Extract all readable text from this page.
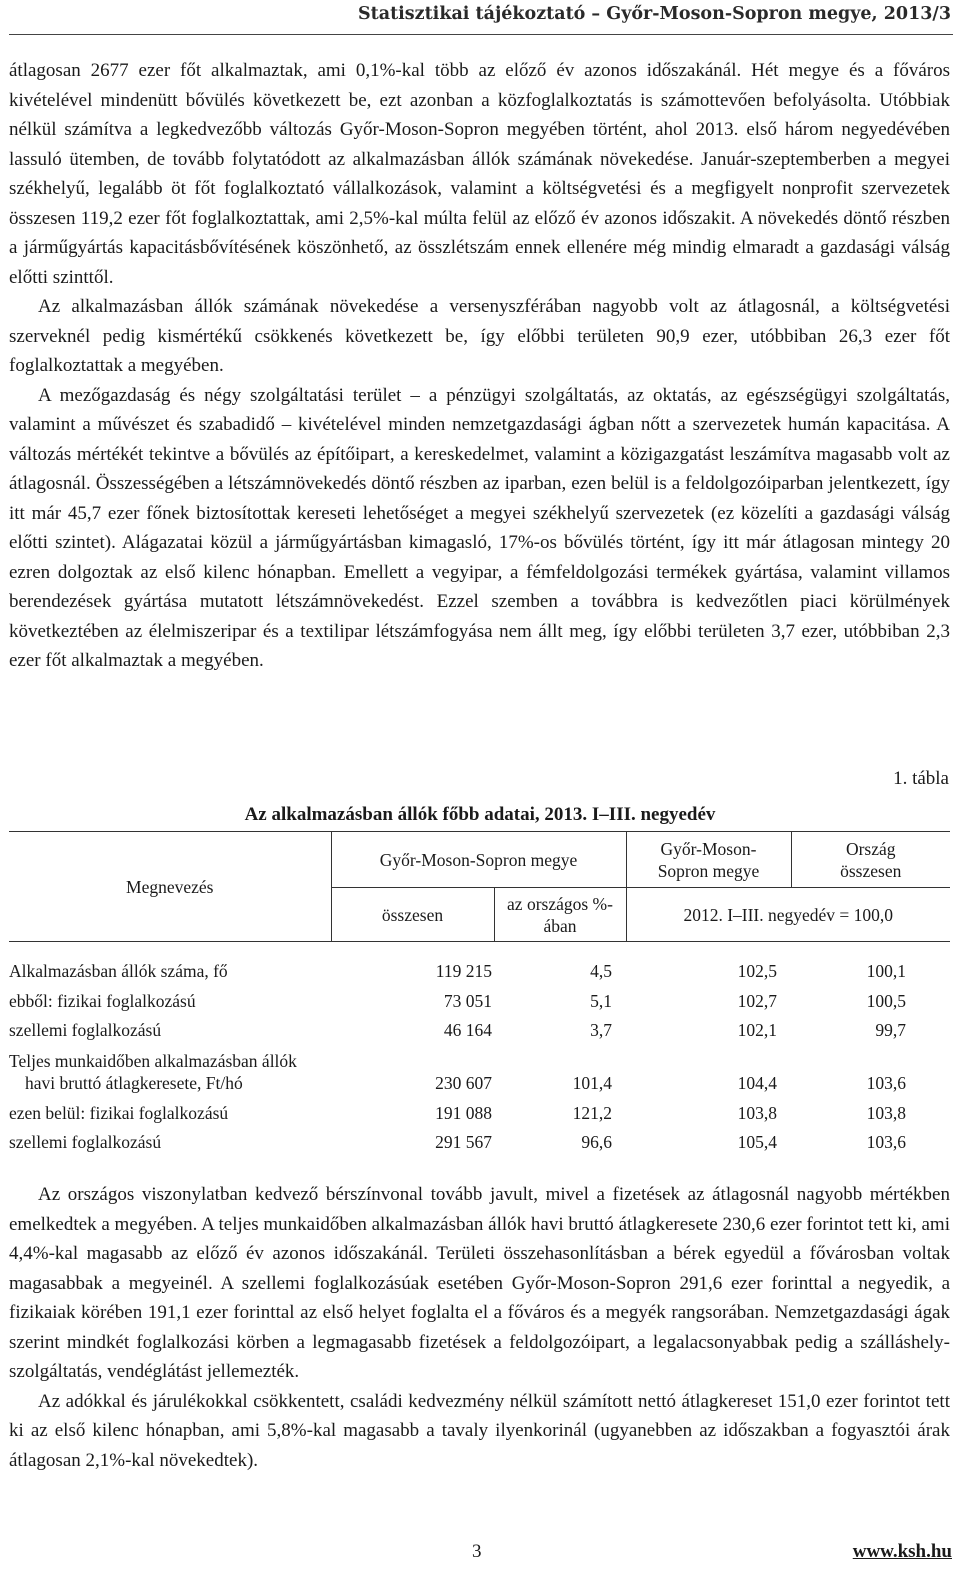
Statisztikai tájékoztató – Győr-Moson-Sopron megye, 2013/3

átlagosan 2677 ezer főt alkalmaztak, ami 0,1%-kal több az előző év azonos időszakánál. Hét megye és a főváros kivételével mindenütt bővülés következett be, ezt azonban a közfoglalkoztatás is számottevően befolyásolta. Utóbbiak nélkül számítva a legkedvezőbb változás Győr-Moson-Sopron megyében történt, ahol 2013. első három negyedévében lassuló ütemben, de tovább folytatódott az alkalmazásban állók számának növekedése. Január-szeptemberben a megyei székhelyű, legalább öt főt foglalkoztató vállalkozások, valamint a költségvetési és a megfigyelt nonprofit szervezetek összesen 119,2 ezer főt foglalkoztattak, ami 2,5%-kal múlta felül az előző év azonos időszakit. A növekedés döntő részben a járműgyártás kapacitásbővítésének köszönhető, az összlétszám ennek ellenére még mindig elmaradt a gazdasági válság előtti szinttől.

Az alkalmazásban állók számának növekedése a versenyszférában nagyobb volt az átlagosnál, a költségvetési szerveknél pedig kismértékű csökkenés következett be, így előbbi területen 90,9 ezer, utóbbiban 26,3 ezer főt foglalkoztattak a megyében.

A mezőgazdaság és négy szolgáltatási terület – a pénzügyi szolgáltatás, az oktatás, az egészségügyi szolgáltatás, valamint a művészet és szabadidő – kivételével minden nemzetgazdasági ágban nőtt a szervezetek humán kapacitása. A változás mértékét tekintve a bővülés az építőipart, a kereskedelmet, valamint a közigazgatást leszámítva magasabb volt az átlagosnál. Összességében a létszámnövekedés döntő részben az iparban, ezen belül is a feldolgozóiparban jelentkezett, így itt már 45,7 ezer főnek biztosítottak kereseti lehetőséget a megyei székhelyű szervezetek (ez közelíti a gazdasági válság előtti szintet). Alágazatai közül a járműgyártásban kimagasló, 17%-os bővülés történt, így itt már átlagosan mintegy 20 ezren dolgoztak az első kilenc hónapban. Emellett a vegyipar, a fémfeldolgozási termékek gyártása, valamint villamos berendezések gyártása mutatott létszámnövekedést. Ezzel szemben a továbbra is kedvezőtlen piaci körülmények következtében az élelmiszeripar és a textilipar létszámfogyása nem állt meg, így előbbi területen 3,7 ezer, utóbbiban 2,3 ezer főt alkalmaztak a megyében.

1. tábla
Az alkalmazásban állók főbb adatai, 2013. I–III. negyedév
Megnevezés	Győr-Moson-Sopron megye		Győr-Moson-Sopron megye	Ország összesen
	összesen	az országos %-ában	2012. I–III. negyedév = 100,0	
Alkalmazásban állók száma, fő	119 215	4,5	102,5	100,1
ebből: fizikai foglalkozású	73 051	5,1	102,7	100,5
szellemi foglalkozású	46 164	3,7	102,1	99,7
Teljes munkaidőben alkalmazásban állók
havi bruttó átlagkeresete, Ft/hó	230 607	101,4	104,4	103,6
ezen belül: fizikai foglalkozású	191 088	121,2	103,8	103,8
szellemi foglalkozású	291 567	96,6	105,4	103,6

Az országos viszonylatban kedvező bérszínvonal tovább javult, mivel a fizetések az átlagosnál nagyobb mértékben emelkedtek a megyében. A teljes munkaidőben alkalmazásban állók havi bruttó átlagkeresete 230,6 ezer forintot tett ki, ami 4,4%-kal magasabb az előző év azonos időszakánál. Területi összehasonlításban a bérek egyedül a fővárosban voltak magasabbak a megyeinél. A szellemi foglalkozásúak esetében Győr-Moson-Sopron 291,6 ezer forinttal a negyedik, a fizikaiak körében 191,1 ezer forinttal az első helyet foglalta el a főváros és a megyék rangsorában. Nemzetgazdasági ágak szerint mindkét foglalkozási körben a legmagasabb fizetések a feldolgozóipart, a legalacsonyabbak pedig a szálláshely-szolgáltatás, vendéglátást jellemezték.

Az adókkal és járulékokkal csökkentett, családi kedvezmény nélkül számított nettó átlagkereset 151,0 ezer forintot tett ki az első kilenc hónapban, ami 5,8%-kal magasabb a tavaly ilyenkorinál (ugyanebben az időszakban a fogyasztói árak átlagosan 2,1%-kal növekedtek).

3	www.ksh.hu
